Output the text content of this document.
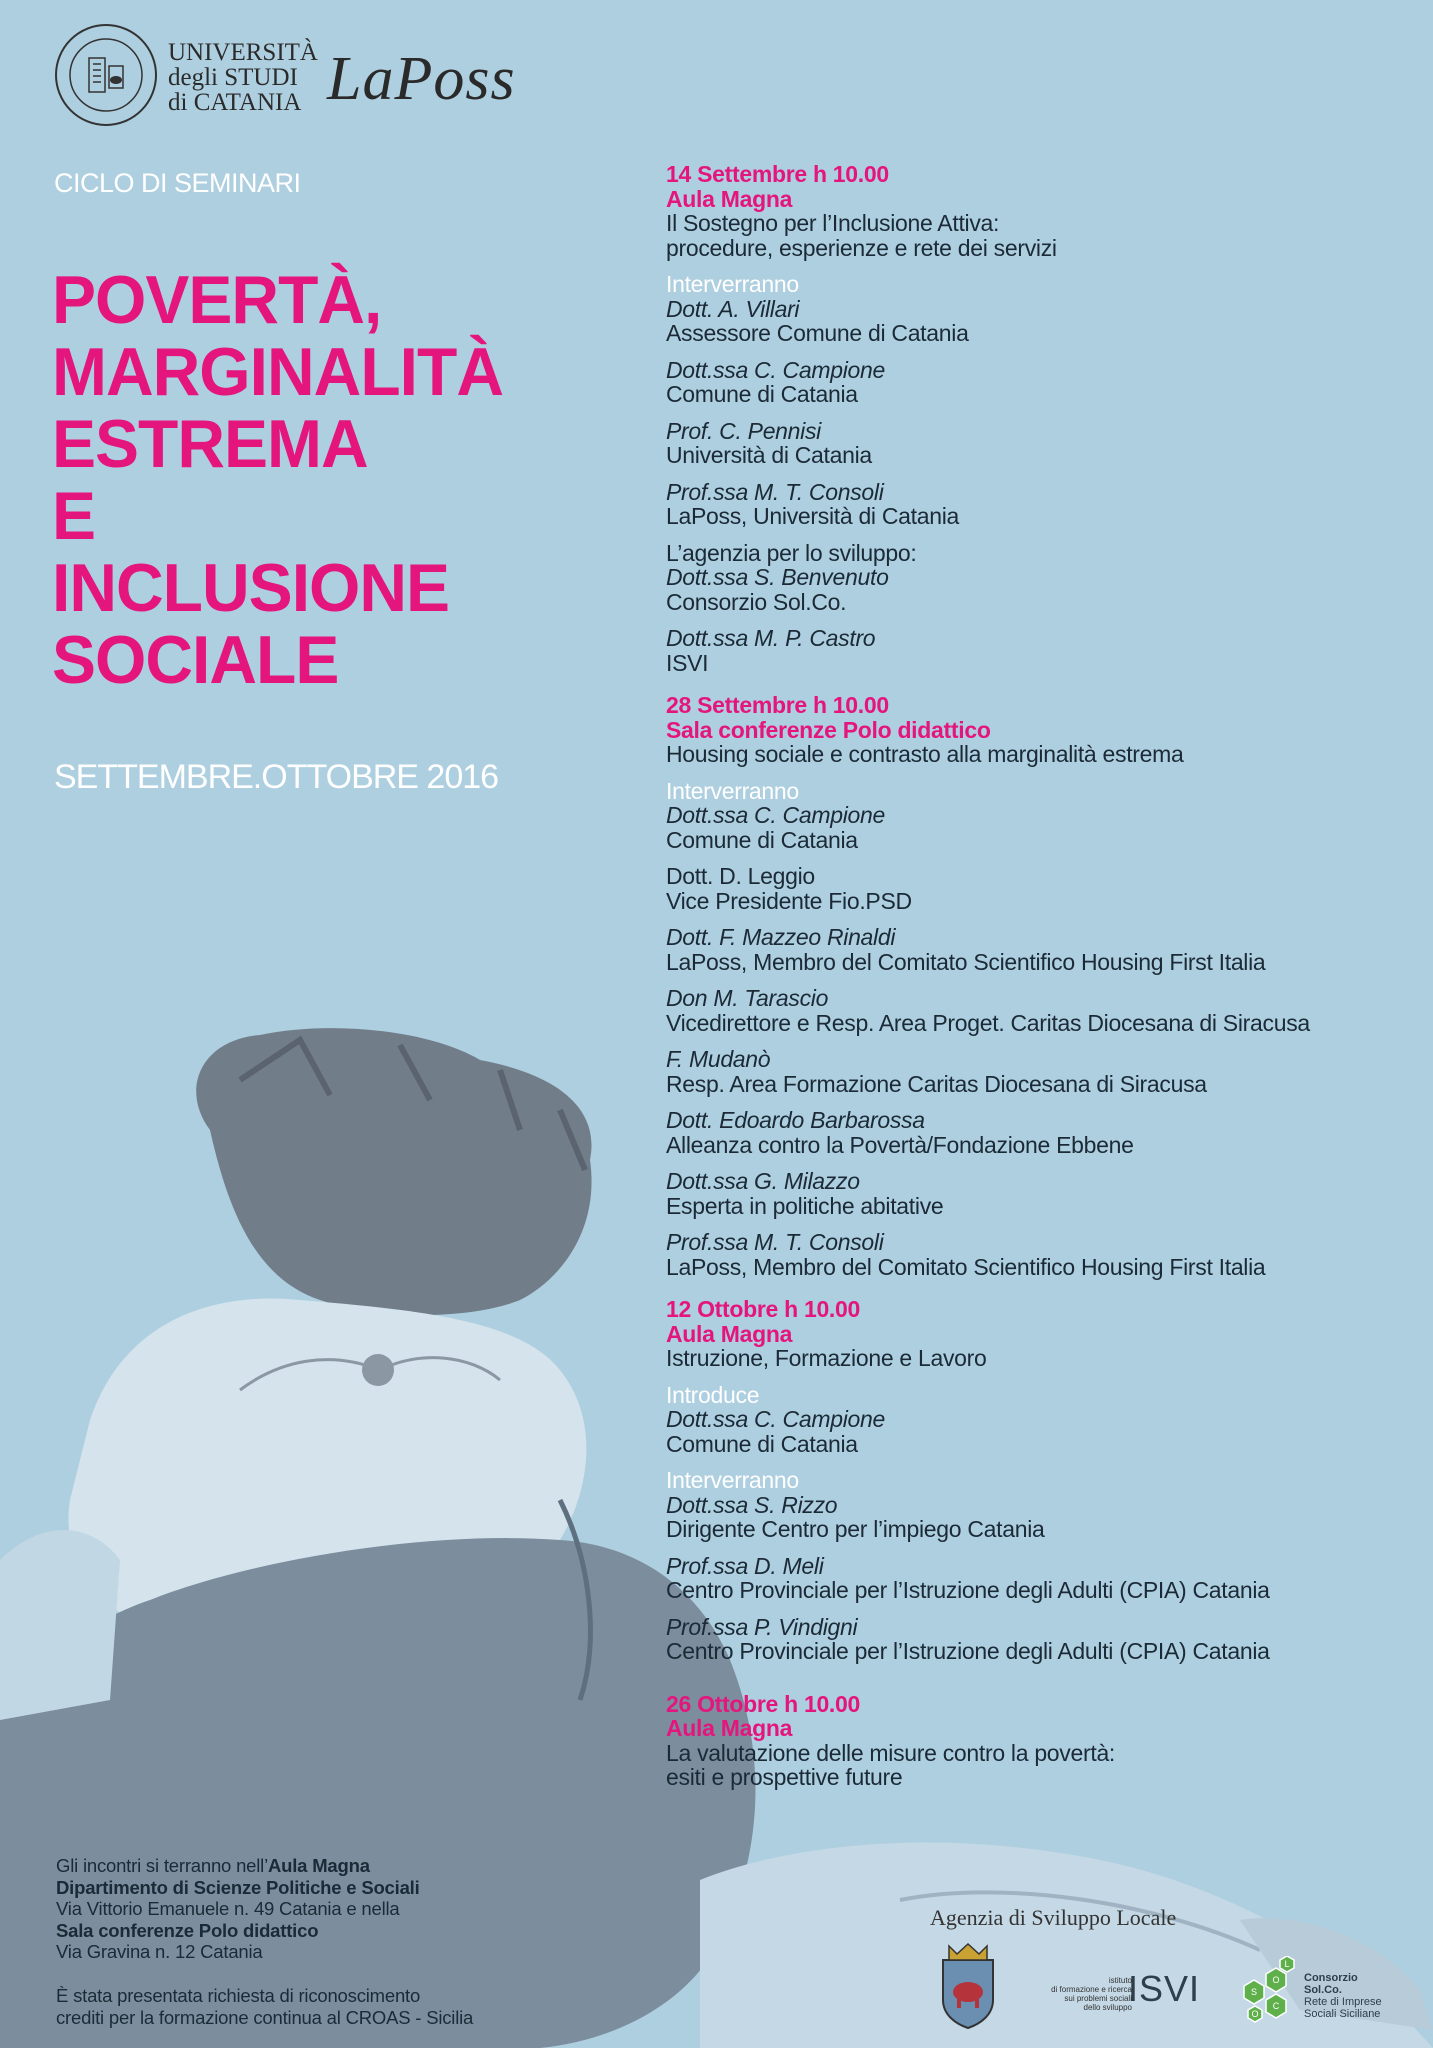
UNIVERSITÀ
degli STUDI
di CATANIA LaPoss
CICLO DI SEMINARI
POVERTÀ,
MARGINALITÀ
ESTREMA
E
INCLUSIONE
SOCIALE
SETTEMBRE.OTTOBRE 2016
14 Settembre h 10.00
Aula Magna
Il Sostegno per l’Inclusione Attiva:
procedure, esperienze e rete dei servizi
Interverranno
Dott. A. Villari
Assessore Comune di Catania
Dott.ssa C. Campione
Comune di Catania
Prof. C. Pennisi
Università di Catania
Prof.ssa M. T. Consoli
LaPoss, Università di Catania
L’agenzia per lo sviluppo:
Dott.ssa S. Benvenuto
Consorzio Sol.Co.
Dott.ssa M. P. Castro
ISVI
28 Settembre h 10.00
Sala conferenze Polo didattico
Housing sociale e contrasto alla marginalità estrema
Interverranno
Dott.ssa C. Campione
Comune di Catania
Dott. D. Leggio
Vice Presidente Fio.PSD
Dott. F. Mazzeo Rinaldi
LaPoss, Membro del Comitato Scientifico Housing First Italia
Don M. Tarascio
Vicedirettore e Resp. Area Proget. Caritas Diocesana di Siracusa
F. Mudanò
Resp. Area Formazione Caritas Diocesana di Siracusa
Dott. Edoardo Barbarossa
Alleanza contro la Povertà/Fondazione Ebbene
Dott.ssa G. Milazzo
Esperta in politiche abitative
Prof.ssa M. T. Consoli
LaPoss, Membro del Comitato Scientifico Housing First Italia
12 Ottobre h 10.00
Aula Magna
Istruzione, Formazione e Lavoro
Introduce
Dott.ssa C. Campione
Comune di Catania
Interverranno
Dott.ssa S. Rizzo
Dirigente Centro per l’impiego Catania
Prof.ssa D. Meli
Centro Provinciale per l’Istruzione degli Adulti (CPIA) Catania
Prof.ssa P. Vindigni
Centro Provinciale per l’Istruzione degli Adulti (CPIA) Catania
26 Ottobre h 10.00
Aula Magna
La valutazione delle misure contro la povertà:
esiti e prospettive future
Gli incontri si terranno nell’Aula Magna
Dipartimento di Scienze Politiche e Sociali
Via Vittorio Emanuele n. 49 Catania e nella
Sala conferenze Polo didattico
Via Gravina n. 12 Catania
È stata presentata richiesta di riconoscimento
crediti per la formazione continua al CROAS - Sicilia
Agenzia di Sviluppo Locale
istituto
di formazione e ricerca
sui problemi sociali
dello sviluppo
ISVI	S
O
L
C
O
Consorzio
Sol.Co.
Rete di Imprese
Sociali Siciliane
